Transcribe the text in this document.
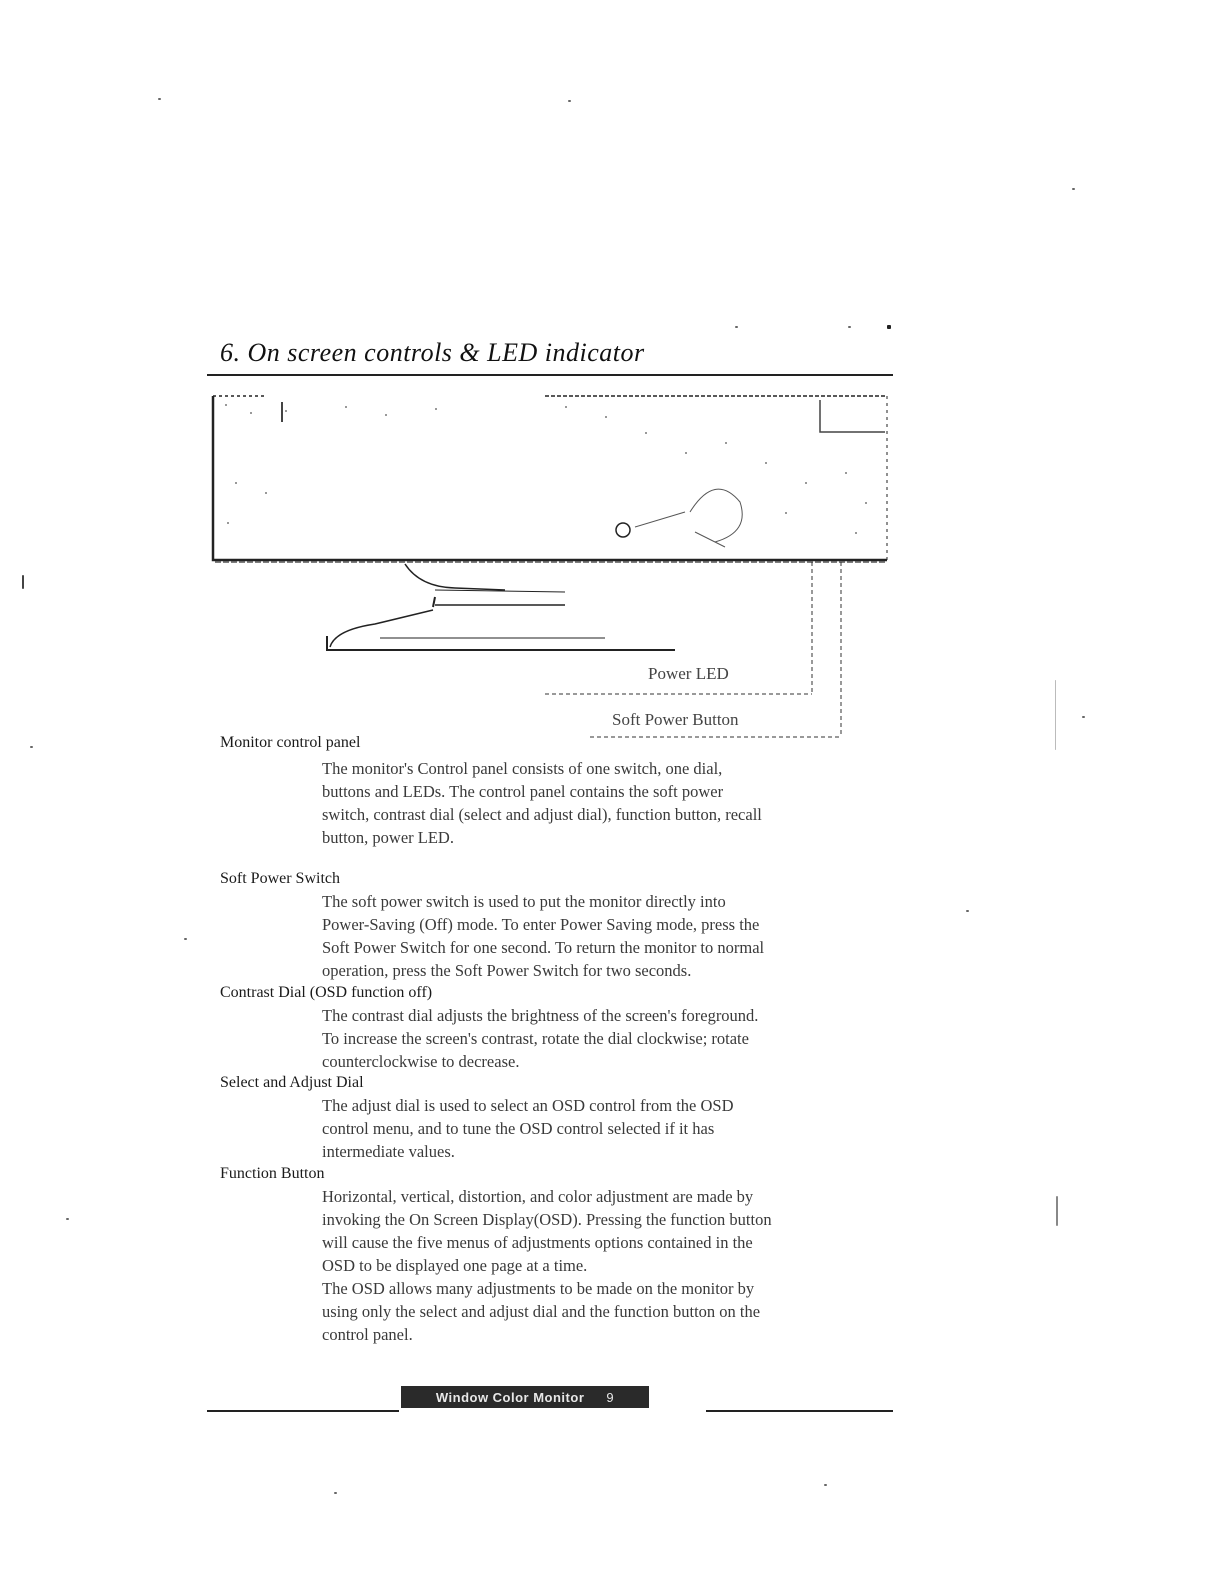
6. On screen controls & LED indicator
Power LED
Soft Power Button
Monitor control panel
The monitor's Control panel consists of one switch, one dial,
buttons and LEDs. The control panel contains the soft power
switch, contrast dial (select and adjust dial), function button, recall
button, power LED.
Soft Power Switch
The soft power switch is used to put the monitor directly into
Power-Saving (Off) mode. To enter Power Saving mode, press the
Soft Power Switch for one second. To return the monitor to normal
operation, press the Soft Power Switch for two seconds.
Contrast Dial (OSD function off)
The contrast dial adjusts the brightness of the screen's foreground.
To increase the screen's contrast, rotate the dial clockwise; rotate
counterclockwise to decrease.
Select and Adjust Dial
The adjust dial is used to select an OSD control from the OSD
control menu, and to tune the OSD control selected if it has
intermediate values.
Function Button
Horizontal, vertical, distortion, and color adjustment are made by
invoking the On Screen Display(OSD). Pressing the function button
will cause the five menus of adjustments options contained in the
OSD to be displayed one page at a time.
The OSD allows many adjustments to be made on the monitor by
using only the select and adjust dial and the function button on the
control panel.
Window Color Monitor 9
